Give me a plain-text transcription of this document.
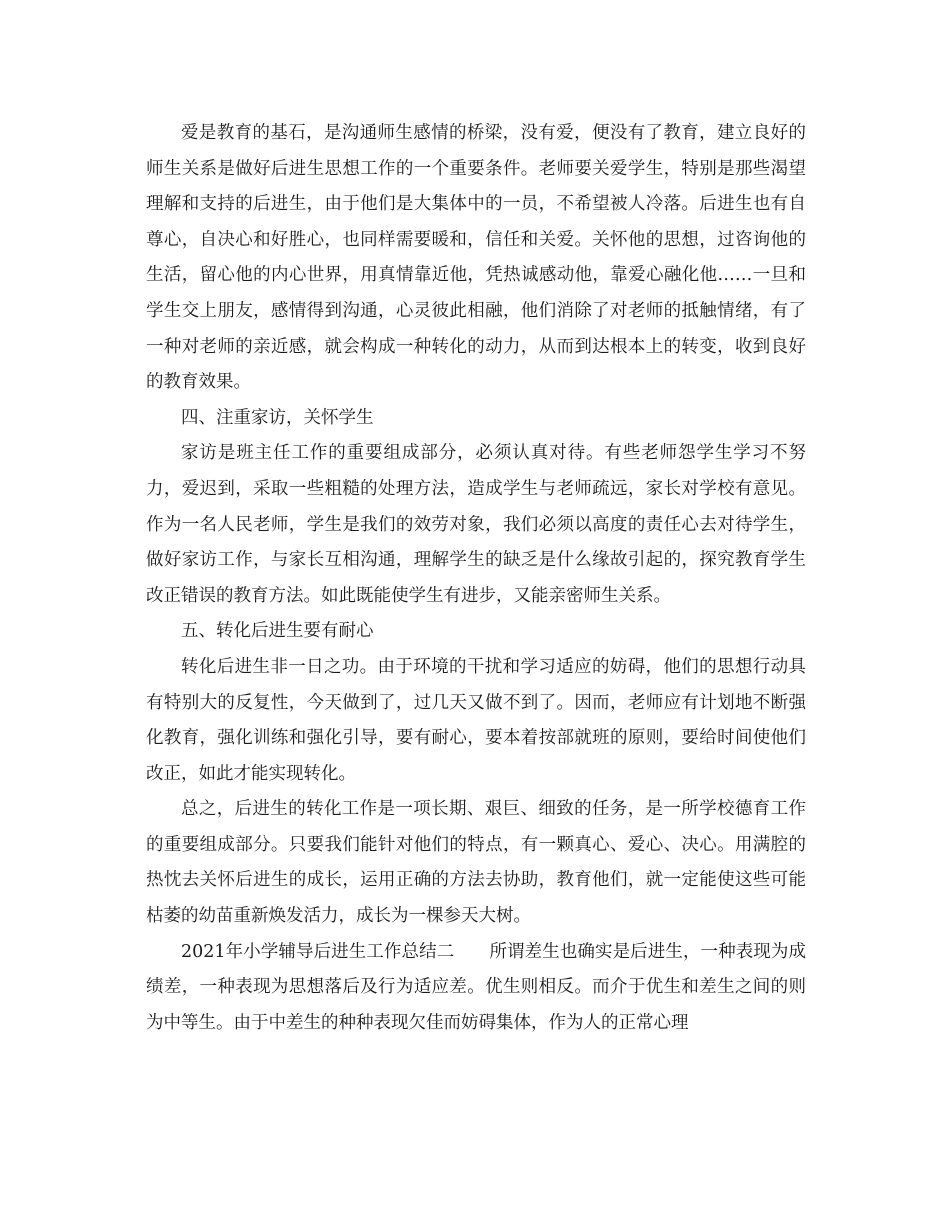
爱是教育的基石，是沟通师生感情的桥梁，没有爱，便没有了教育，建立良好的师生关系是做好后进生思想工作的一个重要条件。老师要关爱学生，特别是那些渴望理解和支持的后进生，由于他们是大集体中的一员，不希望被人冷落。后进生也有自尊心，自决心和好胜心，也同样需要暖和，信任和关爱。关怀他的思想，过咨询他的生活，留心他的内心世界，用真情靠近他，凭热诚感动他，靠爱心融化他……一旦和学生交上朋友，感情得到沟通，心灵彼此相融，他们消除了对老师的抵触情绪，有了一种对老师的亲近感，就会构成一种转化的动力，从而到达根本上的转变，收到良好的教育效果。

四、注重家访，关怀学生

家访是班主任工作的重要组成部分，必须认真对待。有些老师怨学生学习不努力，爱迟到，采取一些粗糙的处理方法，造成学生与老师疏远，家长对学校有意见。作为一名人民老师，学生是我们的效劳对象，我们必须以高度的责任心去对待学生，做好家访工作，与家长互相沟通，理解学生的缺乏是什么缘故引起的，探究教育学生改正错误的教育方法。如此既能使学生有进步，又能亲密师生关系。

五、转化后进生要有耐心

转化后进生非一日之功。由于环境的干扰和学习适应的妨碍，他们的思想行动具有特别大的反复性，今天做到了，过几天又做不到了。因而，老师应有计划地不断强化教育，强化训练和强化引导，要有耐心，要本着按部就班的原则，要给时间使他们改正，如此才能实现转化。

总之，后进生的转化工作是一项长期、艰巨、细致的任务，是一所学校德育工作的重要组成部分。只要我们能针对他们的特点，有一颗真心、爱心、决心。用满腔的热忱去关怀后进生的成长，运用正确的方法去协助，教育他们，就一定能使这些可能枯萎的幼苗重新焕发活力，成长为一棵参天大树。

2021年小学辅导后进生工作总结二　　所谓差生也确实是后进生，一种表现为成绩差，一种表现为思想落后及行为适应差。优生则相反。而介于优生和差生之间的则为中等生。由于中差生的种种表现欠佳而妨碍集体，作为人的正常心理
